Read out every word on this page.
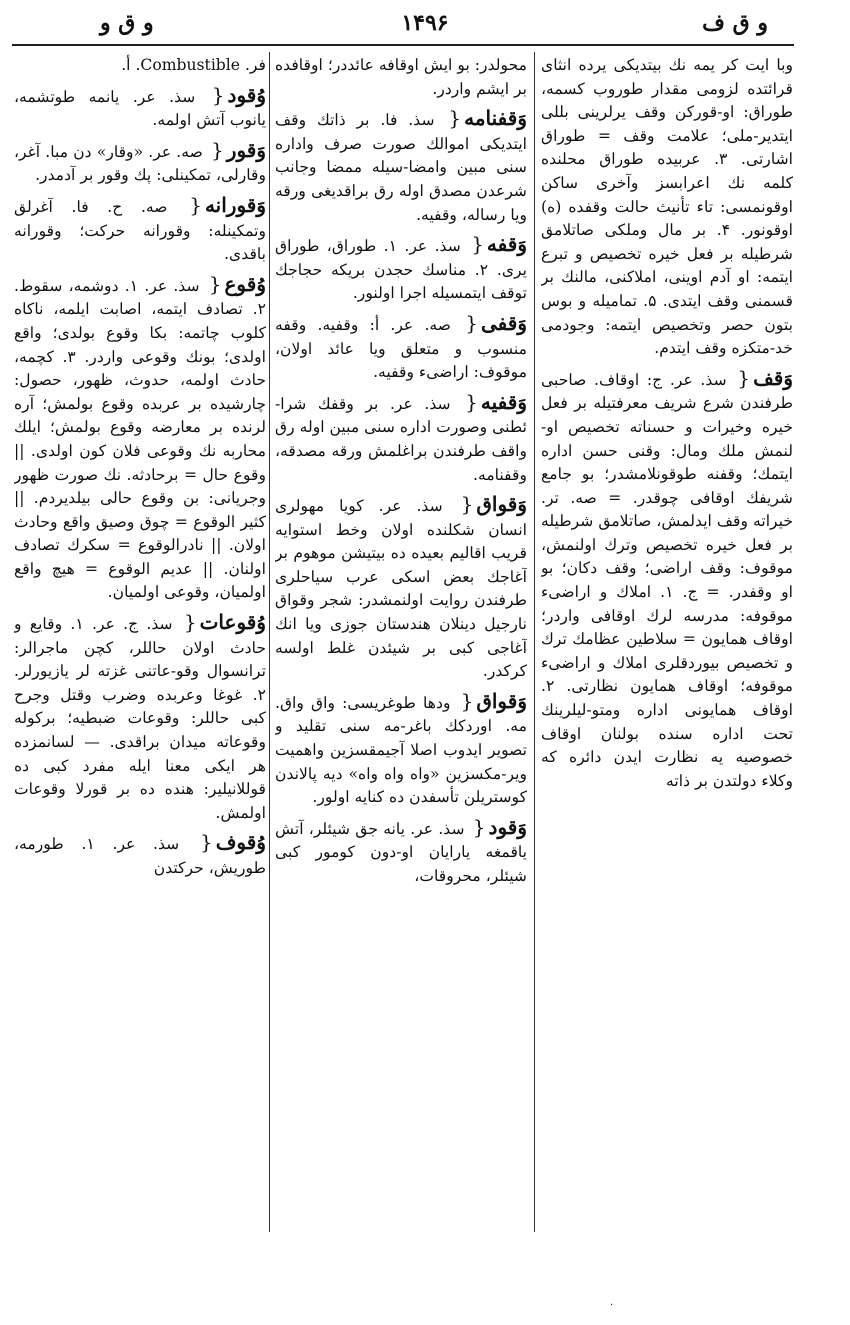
و ق و	۱۴۹۶	و ق ف
وبا ایت کر یمه نك بیتدیکی یرده انثای قرائتده لزومی مقدار طوروب کسمه، طوراق: او-قوركن وقف یرلرینی بللی ایتدیر-ملی؛ علامت وقف = طوراق اشارتی. ۳. عربیده طوراق محلنده کلمه نك اعرابسز وآخری ساکن اوقونمسی: تاء تأنیث حالت وقفده (ه) اوقونور. ۴. بر مال وملکی صاتلامق شرطیله بر فعل خیره تخصیص و تبرع ایتمه: او آدم اوینی، املاکنی، مالنك بر قسمنی وقف ایتدی. ۵. تماميله و بوس بتون حصر وتخصیص ایتمه: وجودمی خد-متکزه وقف ایتدم.
وَقف{ سذ. عر. ج: اوقاف. صاحبی طرفندن شرع شریف معرفتیله بر فعل خیره وخیرات و حسناته تخصیص او-لنمش ملك ومال: وقنی حسن اداره ایتمك؛ وقفنه طوقونلامشدر؛ بو جامع شریفك اوقافی چوقدر. = صه. تر. خیراته وقف ایدلمش، صاتلامق شرطیله بر فعل خیره تخصیص وترك اولنمش، موقوف: وقف اراضی؛ وقف دکان؛ بو او وقفدر. = ج. ۱. املاك و اراضیء موقوفه: مدرسه لرك اوقافی واردر؛ اوقاف همایون = سلاطین عظامك ترك و تخصیص بیوردقلری املاك و اراضیء موقوفه؛ اوقاف همایون نظارتی. ۲. اوقاف همایونی اداره ومتو-لیلرینك تحت اداره سنده بولنان اوقاف خصوصیه یه نظارت ایدن دائره که وکلاء دولتدن بر ذاته
محولدر: بو ایش اوقافه عائددر؛ اوقافده بر ایشم واردر.
وَقفنامه{ سذ. فا. بر ذاتك وقف ایتدیکی اموالك صورت صرف واداره سنی مبین وامضا-سیله ممضا وجانب شرعدن مصدق اوله رق براقدیغی ورقه ویا رساله، وقفیه.
وَقفه{ سذ. عر. ۱. طوراق، طوراق یری. ۲. مناسك حجدن بریکه حجاجك توقف ایتمسیله اجرا اولنور.
وَقفی{ صه. عر. أ: وقفیه. وقفه منسوب و متعلق ویا عائد اولان، موقوف: اراضیء وقفیه.
وَقفیه{ سذ. عر. بر وقفك شرا-ئطنی وصورت اداره سنی مبین اوله رق واقف طرفندن براغلمش ورقه مصدقه، وقفنامه.
وَقواق{ سذ. عر. کویا مهولری انسان شکلنده اولان وخط استوایه قریب اقالیم بعیده ده بیتیشن موهوم بر آغاجك بعض اسکی عرب سیاحلری طرفندن روایت اولنمشدر: شجر وقواق نارجیل دینلان هندستان جوزی ویا انك آغاجی کبی بر شیئدن غلط اولسه کرکدر.
وَقواق{ ودها طوغریسی: واق واق. مه. اوردکك باغر-مه سنی تقلید و تصویر ایدوب اصلا آجیمقسزین واهمیت ویر-مکسزین «واه واه واه» دیه پالاندن کوستریلن تأسفدن ده کنایه اولور.
وَقود{ سذ. عر. یانه جق شیئلر، آتش یاقمغه یارایان او-دون کومور کبی شیئلر، محروقات،
فر. Combustible. أ.
وُقود{ سذ. عر. یانمه طوتشمه، یانوب آتش اولمه.
وَقور{ صه. عر. «وقار» دن مبا. آغر، وقارلی، تمکینلی: پك وقور بر آدمدر.
وَقورانه{ صه. ح. فا. آغرلق وتمکینله: وقورانه حرکت؛ وقورانه باقدی.
وُقوع{ سذ. عر. ۱. دوشمه، سقوط. ۲. تصادف ایتمه، اصابت ایلمه، ناکاه کلوب چاتمه: بکا وقوع بولدی؛ واقع اولدی؛ بونك وقوعی واردر. ۳. کچمه، حادث اولمه، حدوث، ظهور، حصول: چارشیده بر عربده وقوع بولمش؛ آره لرنده بر معارضه وقوع بولمش؛ ایلك محاربه نك وقوعی فلان کون اولدی. || وقوع حال = برحادثه. نك صورت ظهور وجریانی: بن وقوع حالی بیلدیردم. || کثیر الوقوع = چوق وصیق واقع وحادث اولان. || نادرالوقوع = سکرك تصادف اولنان. || عدیم الوقوع = هیچ واقع اولمیان، وقوعی اولمیان.
وُقوعات{ سذ. ج. عر. ۱. وقایع و حادث اولان حاللر، کچن ماجرالر: ترانسوال وقو-عاتنی غزته لر یازیورلر. ۲. غوغا وعربده وضرب وقتل وجرح کبی حاللر: وقوعات ضبطیه؛ برکوله وقوعاته میدان براقدی. — لسانمزده هر ایکی معنا ایله مفرد کبی ده قوللانیلیر: هنده ده بر قورلا وقوعات اولمش.
وُقوف{ سذ. عر. ۱. طورمه، طوریش، حرکتدن
·
